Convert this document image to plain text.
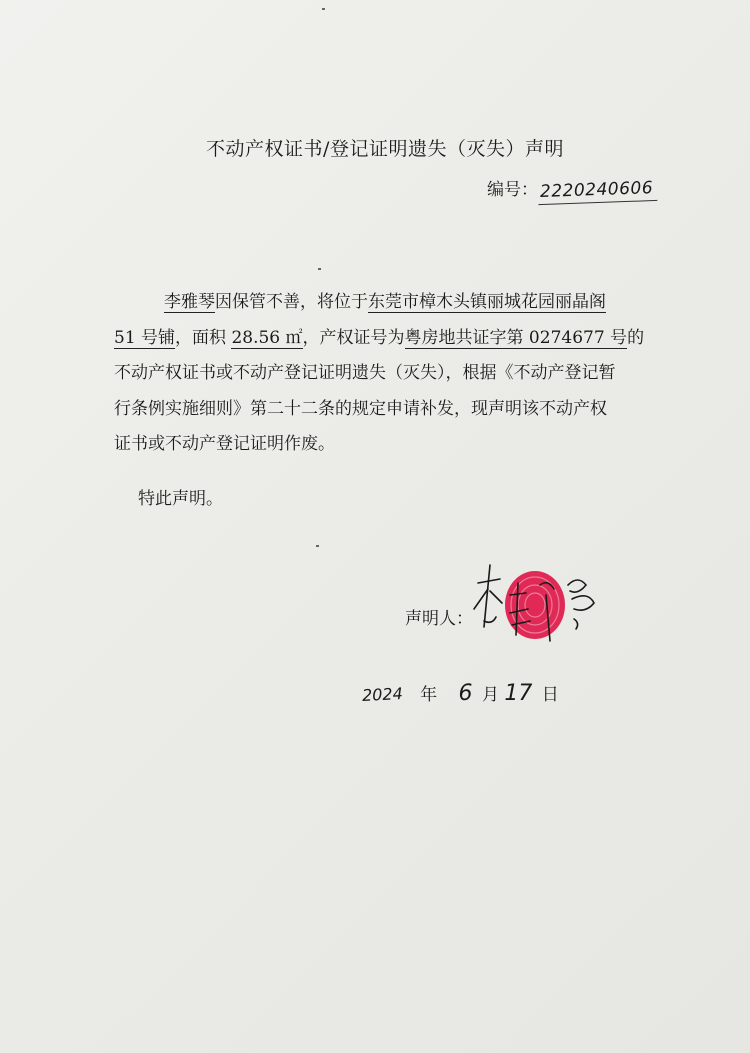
不动产权证书/登记证明遗失（灭失）声明
编号：2220240606
李雅琴因保管不善，将位于东莞市樟木头镇丽城花园丽晶阁
51 号铺，面积 28.56 ㎡，产权证号为粤房地共证字第 0274677 号的
不动产权证书或不动产登记证明遗失（灭失），根据《不动产登记暂
行条例实施细则》第二十二条的规定申请补发，现声明该不动产权
证书或不动产登记证明作废。
特此声明。
声明人：
2024 年 6 月 17 日
